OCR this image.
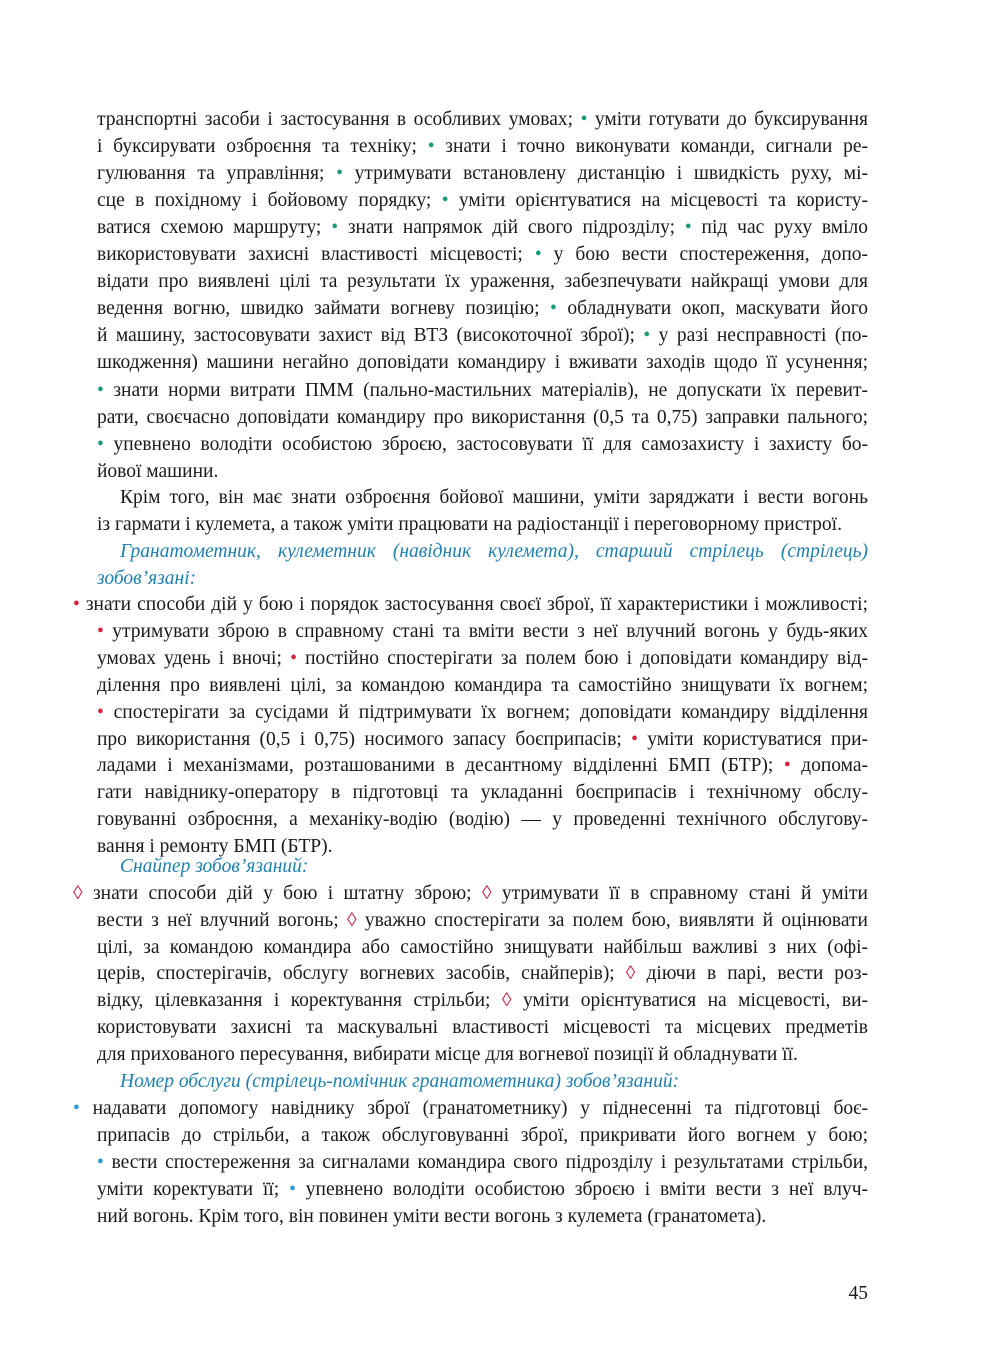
транспортні засоби і застосування в особливих умовах; • уміти готувати до буксирування
і буксирувати озброєння та техніку; • знати і точно виконувати команди, сигнали ре-
гулювання та управління; • утримувати встановлену дистанцію і швидкість руху, мі-
сце в похідному і бойовому порядку; • уміти орієнтуватися на місцевості та користу-
ватися схемою маршруту; • знати напрямок дій свого підрозділу; • під час руху вміло
використовувати захисні властивості місцевості; • у бою вести спостереження, допо-
відати про виявлені цілі та результати їх ураження, забезпечувати найкращі умови для
ведення вогню, швидко займати вогневу позицію; • обладнувати окоп, маскувати його
й машину, застосовувати захист від ВТЗ (високоточної зброї); • у разі несправності (по-
шкодження) машини негайно доповідати командиру і вживати заходів щодо її усунення;
• знати норми витрати ПММ (пально-мастильних матеріалів), не допускати їх перевит-
рати, своєчасно доповідати командиру про використання (0,5 та 0,75) заправки пального;
• упевнено володіти особистою зброєю, застосовувати її для самозахисту і захисту бо-
йової машини.
Крім того, він має знати озброєння бойової машини, уміти заряджати і вести вогонь
із гармати і кулемета, а також уміти працювати на радіостанції і переговорному пристрої.
Гранатометник, кулеметник (навідник кулемета), старший стрілець (стрілець)
зобов’язані:
• знати способи дій у бою і порядок застосування своєї зброї, її характеристики і можливості;
• утримувати зброю в справному стані та вміти вести з неї влучний вогонь у будь-яких
умовах удень і вночі; • постійно спостерігати за полем бою і доповідати командиру від-
ділення про виявлені цілі, за командою командира та самостійно знищувати їх вогнем;
• спостерігати за сусідами й підтримувати їх вогнем; доповідати командиру відділення
про використання (0,5 і 0,75) носимого запасу боєприпасів; • уміти користуватися при-
ладами і механізмами, розташованими в десантному відділенні БМП (БТР); • допома-
гати навіднику-оператору в підготовці та укладанні боєприпасів і технічному обслу-
говуванні озброєння, а механіку-водію (водію) — у проведенні технічного обслугову-
вання і ремонту БМП (БТР).
Снайпер зобов’язаний:
◊ знати способи дій у бою і штатну зброю; ◊ утримувати її в справному стані й уміти
вести з неї влучний вогонь; ◊ уважно спостерігати за полем бою, виявляти й оцінювати
цілі, за командою командира або самостійно знищувати найбільш важливі з них (офі-
церів, спостерігачів, обслугу вогневих засобів, снайперів); ◊ діючи в парі, вести роз-
відку, цілевказання і коректування стрільби; ◊ уміти орієнтуватися на місцевості, ви-
користовувати захисні та маскувальні властивості місцевості та місцевих предметів
для прихованого пересування, вибирати місце для вогневої позиції й обладнувати її.
Номер обслуги (стрілець-помічник гранатометника) зобов’язаний:
• надавати допомогу навіднику зброї (гранатометнику) у піднесенні та підготовці боє-
припасів до стрільби, а також обслуговуванні зброї, прикривати його вогнем у бою;
• вести спостереження за сигналами командира свого підрозділу і результатами стрільби,
уміти коректувати її; • упевнено володіти особистою зброєю і вміти вести з неї влуч-
ний вогонь. Крім того, він повинен уміти вести вогонь з кулемета (гранатомета).
45
